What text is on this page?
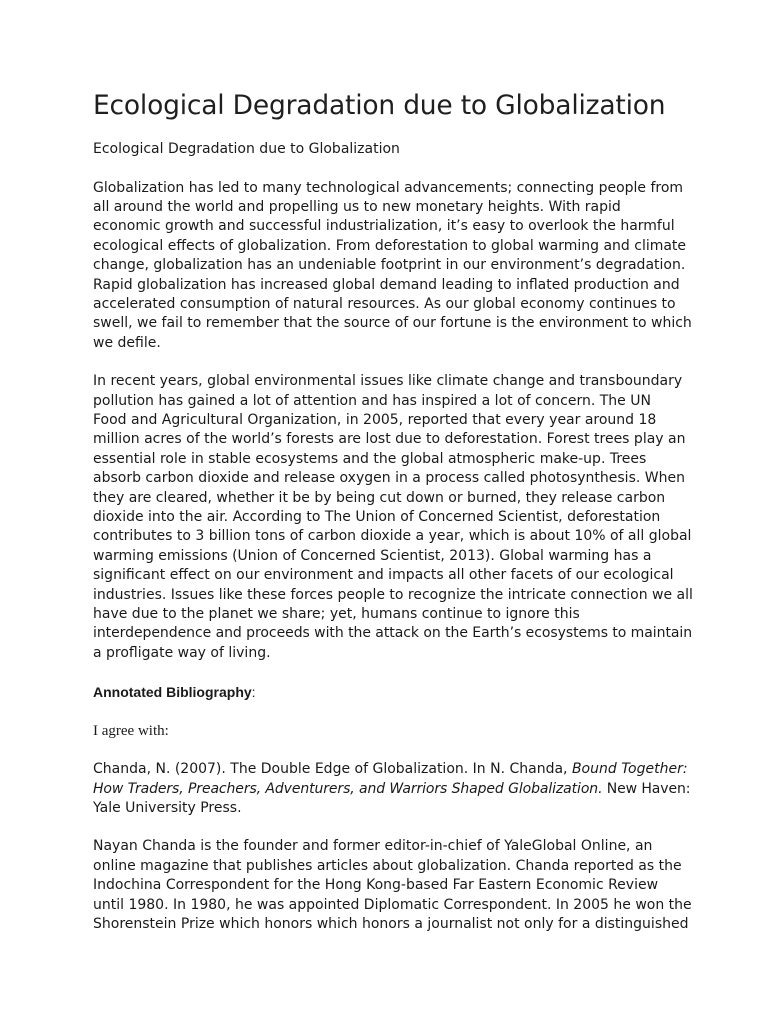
Ecological Degradation due to Globalization

Ecological Degradation due to Globalization

Globalization has led to many technological advancements; connecting people from
all around the world and propelling us to new monetary heights. With rapid
economic growth and successful industrialization, it’s easy to overlook the harmful
ecological effects of globalization. From deforestation to global warming and climate
change, globalization has an undeniable footprint in our environment’s degradation.
Rapid globalization has increased global demand leading to inflated production and
accelerated consumption of natural resources. As our global economy continues to
swell, we fail to remember that the source of our fortune is the environment to which
we defile.

In recent years, global environmental issues like climate change and transboundary
pollution has gained a lot of attention and has inspired a lot of concern. The UN
Food and Agricultural Organization, in 2005, reported that every year around 18
million acres of the world’s forests are lost due to deforestation. Forest trees play an
essential role in stable ecosystems and the global atmospheric make-up. Trees
absorb carbon dioxide and release oxygen in a process called photosynthesis. When
they are cleared, whether it be by being cut down or burned, they release carbon
dioxide into the air. According to The Union of Concerned Scientist, deforestation
contributes to 3 billion tons of carbon dioxide a year, which is about 10% of all global
warming emissions (Union of Concerned Scientist, 2013). Global warming has a
significant effect on our environment and impacts all other facets of our ecological
industries. Issues like these forces people to recognize the intricate connection we all
have due to the planet we share; yet, humans continue to ignore this
interdependence and proceeds with the attack on the Earth’s ecosystems to maintain
a profligate way of living.

Annotated Bibliography:

I agree with:

Chanda, N. (2007). The Double Edge of Globalization. In N. Chanda, Bound Together:
How Traders, Preachers, Adventurers, and Warriors Shaped Globalization. New Haven:
Yale University Press.

Nayan Chanda is the founder and former editor-in-chief of YaleGlobal Online, an
online magazine that publishes articles about globalization. Chanda reported as the
Indochina Correspondent for the Hong Kong-based Far Eastern Economic Review
until 1980. In 1980, he was appointed Diplomatic Correspondent. In 2005 he won the
Shorenstein Prize which honors which honors a journalist not only for a distinguished
